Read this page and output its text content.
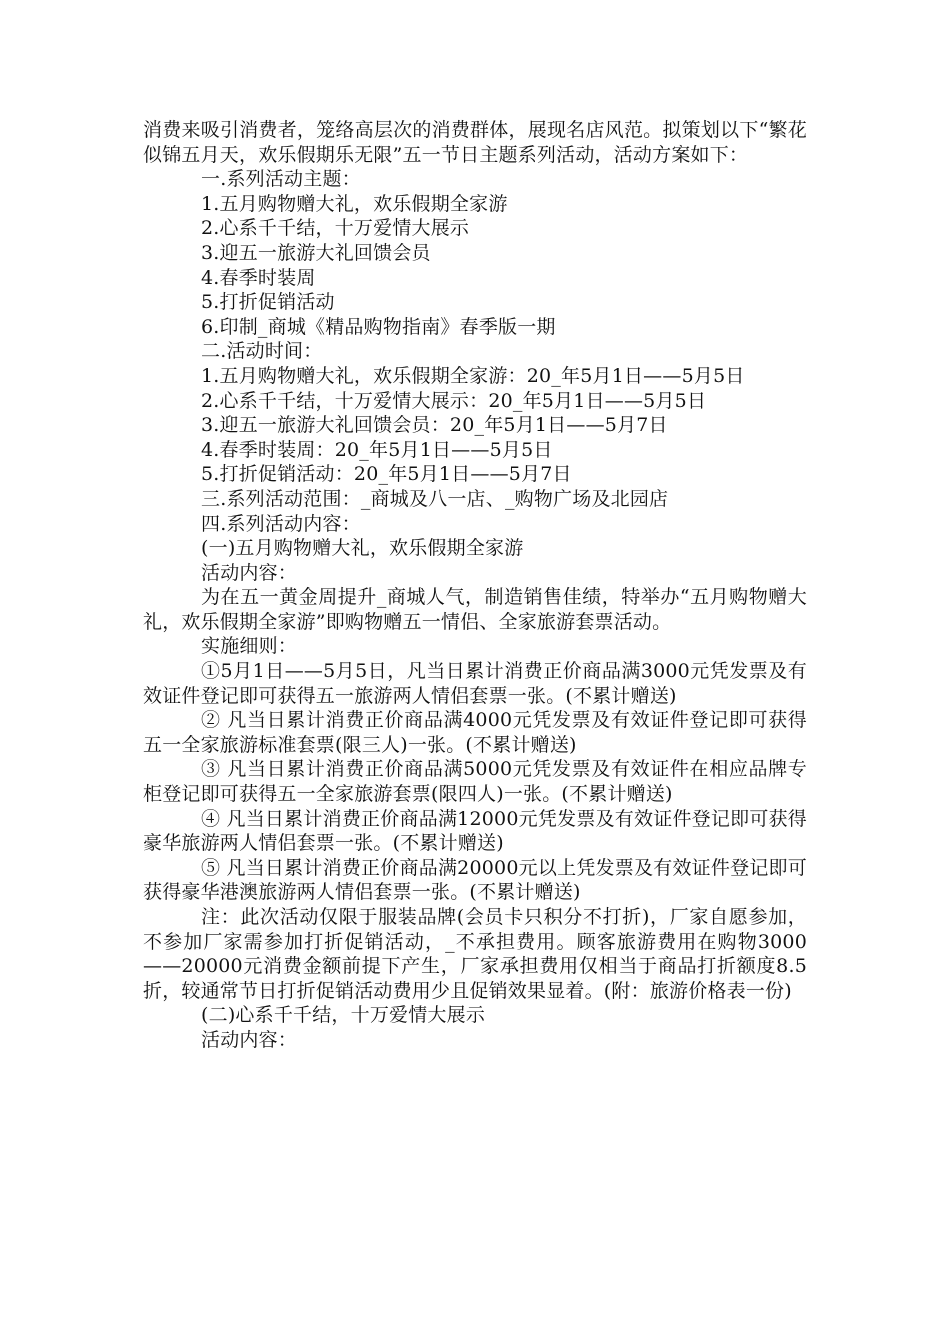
消费来吸引消费者，笼络高层次的消费群体，展现名店风范。拟策划以下“繁花似锦五月天，欢乐假期乐无限”五一节日主题系列活动，活动方案如下：

一.系列活动主题：

1.五月购物赠大礼，欢乐假期全家游

2.心系千千结，十万爱情大展示

3.迎五一旅游大礼回馈会员

4.春季时装周

5.打折促销活动

6.印制_商城《精品购物指南》春季版一期

二.活动时间：

1.五月购物赠大礼，欢乐假期全家游：20_年5月1日——5月5日

2.心系千千结，十万爱情大展示：20_年5月1日——5月5日

3.迎五一旅游大礼回馈会员：20_年5月1日——5月7日

4.春季时装周：20_年5月1日——5月5日

5.打折促销活动：20_年5月1日——5月7日

三.系列活动范围：_商城及八一店、_购物广场及北园店

四.系列活动内容：

(一)五月购物赠大礼，欢乐假期全家游

活动内容：

为在五一黄金周提升_商城人气，制造销售佳绩，特举办“五月购物赠大礼，欢乐假期全家游”即购物赠五一情侣、全家旅游套票活动。

实施细则：

①5月1日——5月5日，凡当日累计消费正价商品满3000元凭发票及有效证件登记即可获得五一旅游两人情侣套票一张。(不累计赠送)

② 凡当日累计消费正价商品满4000元凭发票及有效证件登记即可获得五一全家旅游标准套票(限三人)一张。(不累计赠送)

③ 凡当日累计消费正价商品满5000元凭发票及有效证件在相应品牌专柜登记即可获得五一全家旅游套票(限四人)一张。(不累计赠送)

④ 凡当日累计消费正价商品满12000元凭发票及有效证件登记即可获得豪华旅游两人情侣套票一张。(不累计赠送)

⑤ 凡当日累计消费正价商品满20000元以上凭发票及有效证件登记即可获得豪华港澳旅游两人情侣套票一张。(不累计赠送)

注：此次活动仅限于服装品牌(会员卡只积分不打折)，厂家自愿参加，不参加厂家需参加打折促销活动，_不承担费用。顾客旅游费用在购物3000——20000元消费金额前提下产生，厂家承担费用仅相当于商品打折额度8.5折，较通常节日打折促销活动费用少且促销效果显着。(附：旅游价格表一份)

(二)心系千千结，十万爱情大展示

活动内容：
